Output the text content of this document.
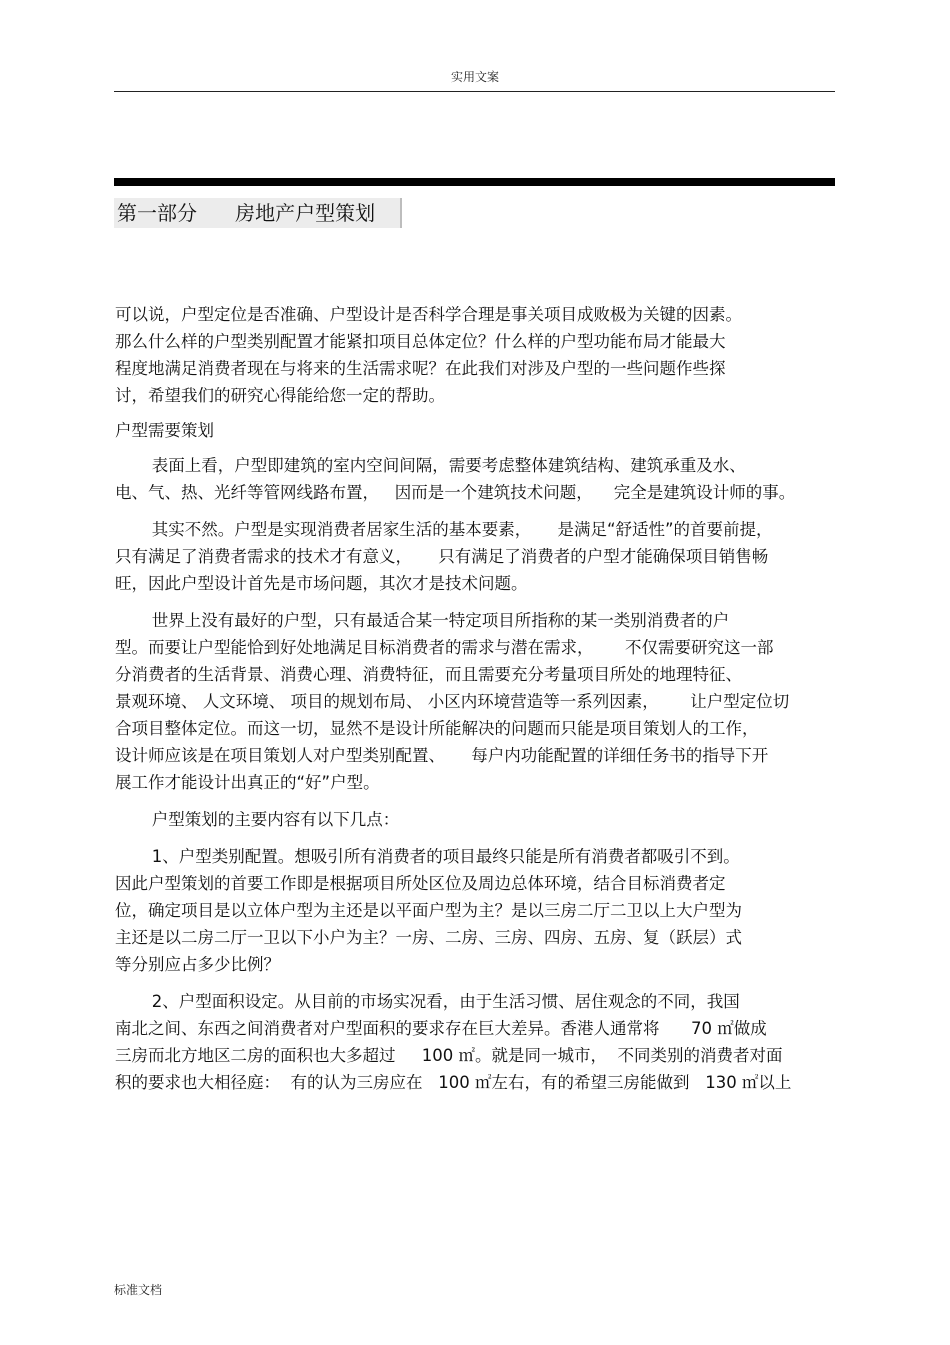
实用文案
第一部分      房地产户型策划
可以说，户型定位是否准确、户型设计是否科学合理是事关项目成败极为关键的因素。
那么什么样的户型类别配置才能紧扣项目总体定位？什么样的户型功能布局才能最大
程度地满足消费者现在与将来的生活需求呢？在此我们对涉及户型的一些问题作些探
讨，希望我们的研究心得能给您一定的帮助。
户型需要策划
表面上看，户型即建筑的室内空间间隔，需要考虑整体建筑结构、建筑承重及水、
电、气、热、光纤等管网线路布置，   因而是一个建筑技术问题，    完全是建筑设计师的事。
其实不然。户型是实现消费者居家生活的基本要素，     是满足“舒适性”的首要前提，
只有满足了消费者需求的技术才有意义，     只有满足了消费者的户型才能确保项目销售畅
旺，因此户型设计首先是市场问题，其次才是技术问题。
世界上没有最好的户型，只有最适合某一特定项目所指称的某一类别消费者的户
型。而要让户型能恰到好处地满足目标消费者的需求与潜在需求，      不仅需要研究这一部
分消费者的生活背景、消费心理、消费特征，而且需要充分考量项目所处的地理特征、
景观环境、 人文环境、 项目的规划布局、 小区内环境营造等一系列因素，      让户型定位切
合项目整体定位。而这一切，显然不是设计所能解决的问题而只能是项目策划人的工作，
设计师应该是在项目策划人对户型类别配置、     每户内功能配置的详细任务书的指导下开
展工作才能设计出真正的“好”户型。
户型策划的主要内容有以下几点：
1、户型类别配置。想吸引所有消费者的项目最终只能是所有消费者都吸引不到。
因此户型策划的首要工作即是根据项目所处区位及周边总体环境，结合目标消费者定
位，确定项目是以立体户型为主还是以平面户型为主？是以三房二厅二卫以上大户型为
主还是以二房二厅一卫以下小户为主？一房、二房、三房、四房、五房、复（跃层）式
等分别应占多少比例？
2、户型面积设定。从目前的市场实况看，由于生活习惯、居住观念的不同，我国
南北之间、东西之间消费者对户型面积的要求存在巨大差异。香港人通常将      70 ㎡做成
三房而北方地区二房的面积也大多超过     100 ㎡。就是同一城市，  不同类别的消费者对面
积的要求也大相径庭：  有的认为三房应在   100 ㎡左右，有的希望三房能做到   130 ㎡以上
标准文档
